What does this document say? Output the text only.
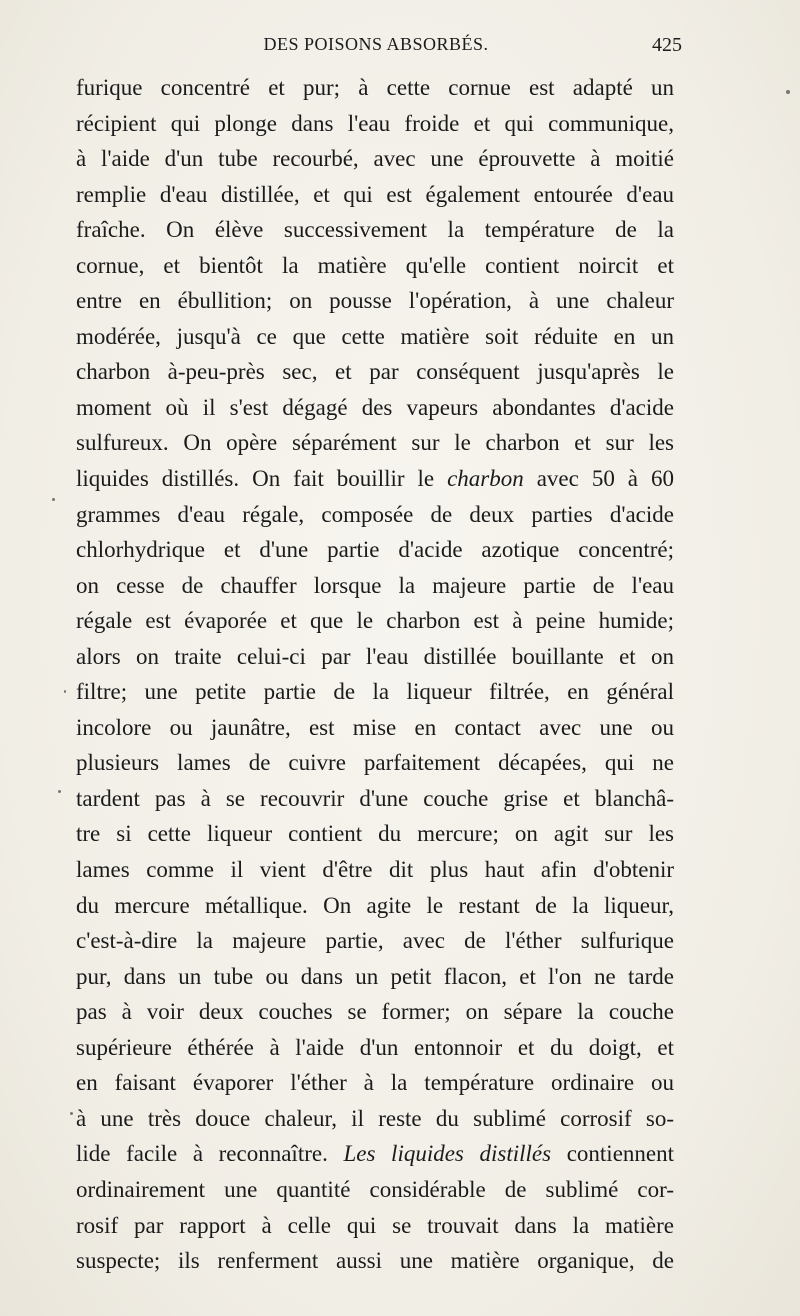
DES POISONS ABSORBÉS.	425
furique concentré et pur; à cette cornue est adapté un
récipient qui plonge dans l'eau froide et qui communique,
à l'aide d'un tube recourbé, avec une éprouvette à moitié
remplie d'eau distillée, et qui est également entourée d'eau
fraîche. On élève successivement la température de la
cornue, et bientôt la matière qu'elle contient noircit et
entre en ébullition; on pousse l'opération, à une chaleur
modérée, jusqu'à ce que cette matière soit réduite en un
charbon à-peu-près sec, et par conséquent jusqu'après le
moment où il s'est dégagé des vapeurs abondantes d'acide
sulfureux. On opère séparément sur le charbon et sur les
liquides distillés. On fait bouillir le charbon avec 50 à 60
grammes d'eau régale, composée de deux parties d'acide
chlorhydrique et d'une partie d'acide azotique concentré;
on cesse de chauffer lorsque la majeure partie de l'eau
régale est évaporée et que le charbon est à peine humide;
alors on traite celui-ci par l'eau distillée bouillante et on
filtre; une petite partie de la liqueur filtrée, en général
incolore ou jaunâtre, est mise en contact avec une ou
plusieurs lames de cuivre parfaitement décapées, qui ne
tardent pas à se recouvrir d'une couche grise et blanchâ-
tre si cette liqueur contient du mercure; on agit sur les
lames comme il vient d'être dit plus haut afin d'obtenir
du mercure métallique. On agite le restant de la liqueur,
c'est-à-dire la majeure partie, avec de l'éther sulfurique
pur, dans un tube ou dans un petit flacon, et l'on ne tarde
pas à voir deux couches se former; on sépare la couche
supérieure éthérée à l'aide d'un entonnoir et du doigt, et
en faisant évaporer l'éther à la température ordinaire ou
à une très douce chaleur, il reste du sublimé corrosif so-
lide facile à reconnaître. Les liquides distillés contiennent
ordinairement une quantité considérable de sublimé cor-
rosif par rapport à celle qui se trouvait dans la matière
suspecte; ils renferment aussi une matière organique, de
